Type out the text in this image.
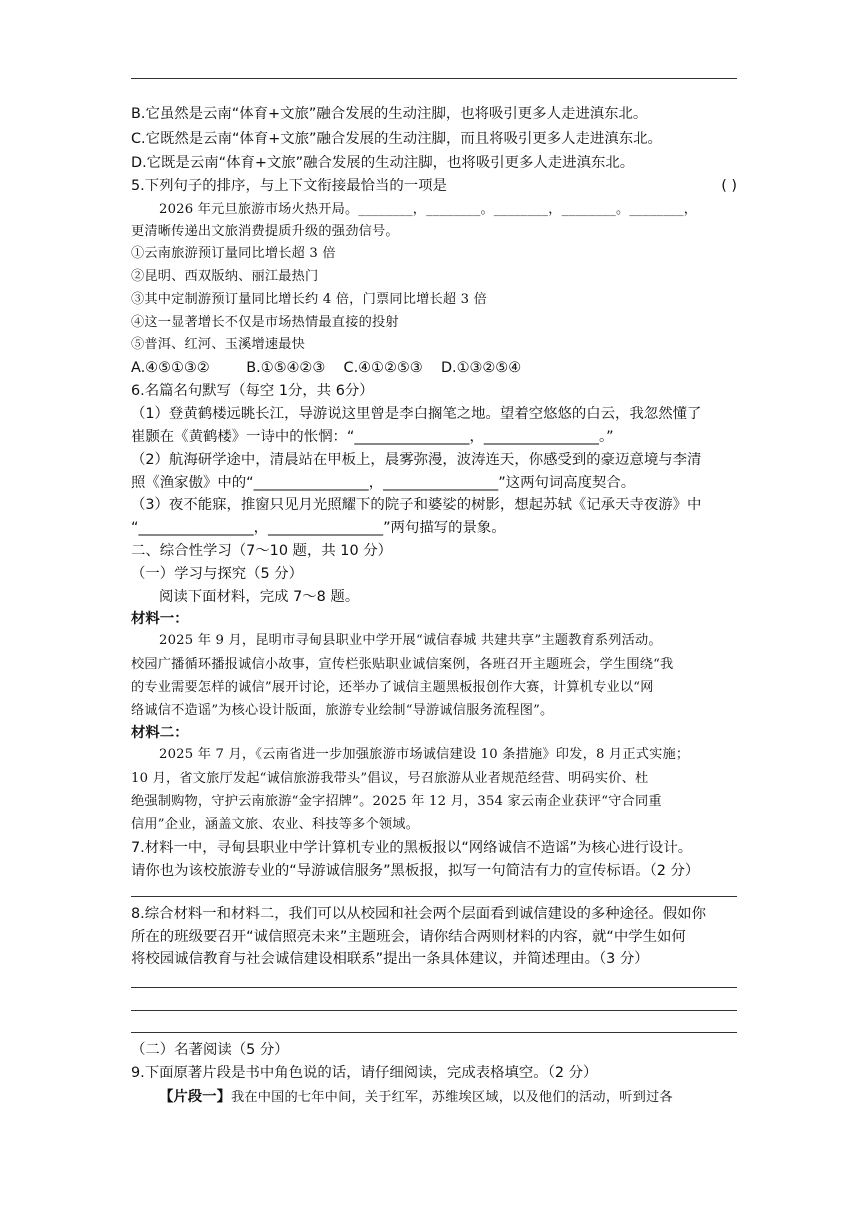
B.它虽然是云南“体育+文旅”融合发展的生动注脚，也将吸引更多人走进滇东北。
C.它既然是云南“体育+文旅”融合发展的生动注脚，而且将吸引更多人走进滇东北。
D.它既是云南“体育+文旅”融合发展的生动注脚，也将吸引更多人走进滇东北。
5.下列句子的排序，与上下文衔接最恰当的一项是	( )
2026 年元旦旅游市场火热开局。________，________。________，________。________，
更清晰传递出文旅消费提质升级的强劲信号。
①云南旅游预订量同比增长超 3 倍
②昆明、西双版纳、丽江最热门
③其中定制游预订量同比增长约 4 倍，门票同比增长超 3 倍
④这一显著增长不仅是市场热情最直接的投射
⑤普洱、红河、玉溪增速最快
A.④⑤①③②        B.①⑤④②③    C.④①②⑤③    D.①③②⑤④
6.名篇名句默写（每空 1分，共 6分）
（1）登黄鹤楼远眺长江，导游说这里曾是李白搁笔之地。望着空悠悠的白云，我忽然懂了
崔颢在《黄鹤楼》一诗中的怅惘：“________________，________________。”
（2）航海研学途中，清晨站在甲板上，晨雾弥漫，波涛连天，你感受到的豪迈意境与李清
照《渔家傲》中的“________________，________________”这两句词高度契合。
（3）夜不能寐，推窗只见月光照耀下的院子和婆娑的树影，想起苏轼《记承天寺夜游》中
“________________，________________”两句描写的景象。
二、综合性学习（7～10 题，共 10 分）
（一）学习与探究（5 分）
阅读下面材料，完成 7～8 题。
材料一：
2025 年 9 月，昆明市寻甸县职业中学开展“诚信春城 共建共享”主题教育系列活动。
校园广播循环播报诚信小故事，宣传栏张贴职业诚信案例，各班召开主题班会，学生围绕“我
的专业需要怎样的诚信”展开讨论，还举办了诚信主题黑板报创作大赛，计算机专业以“网
络诚信不造谣”为核心设计版面，旅游专业绘制“导游诚信服务流程图”。
材料二：
2025 年 7 月，《云南省进一步加强旅游市场诚信建设 10 条措施》印发，8 月正式实施；
10 月，省文旅厅发起“诚信旅游我带头”倡议，号召旅游从业者规范经营、明码实价、杜
绝强制购物，守护云南旅游“金字招牌”。2025 年 12 月，354 家云南企业获评“守合同重
信用”企业，涵盖文旅、农业、科技等多个领域。
7.材料一中，寻甸县职业中学计算机专业的黑板报以“网络诚信不造谣”为核心进行设计。
请你也为该校旅游专业的“导游诚信服务”黑板报，拟写一句简洁有力的宣传标语。（2 分）
8.综合材料一和材料二，我们可以从校园和社会两个层面看到诚信建设的多种途径。假如你
所在的班级要召开“诚信照亮未来”主题班会，请你结合两则材料的内容，就“中学生如何
将校园诚信教育与社会诚信建设相联系”提出一条具体建议，并简述理由。（3 分）
（二）名著阅读（5 分）
9.下面原著片段是书中角色说的话，请仔细阅读，完成表格填空。（2 分）
【片段一】我在中国的七年中间，关于红军，苏维埃区域，以及他们的活动，听到过各
